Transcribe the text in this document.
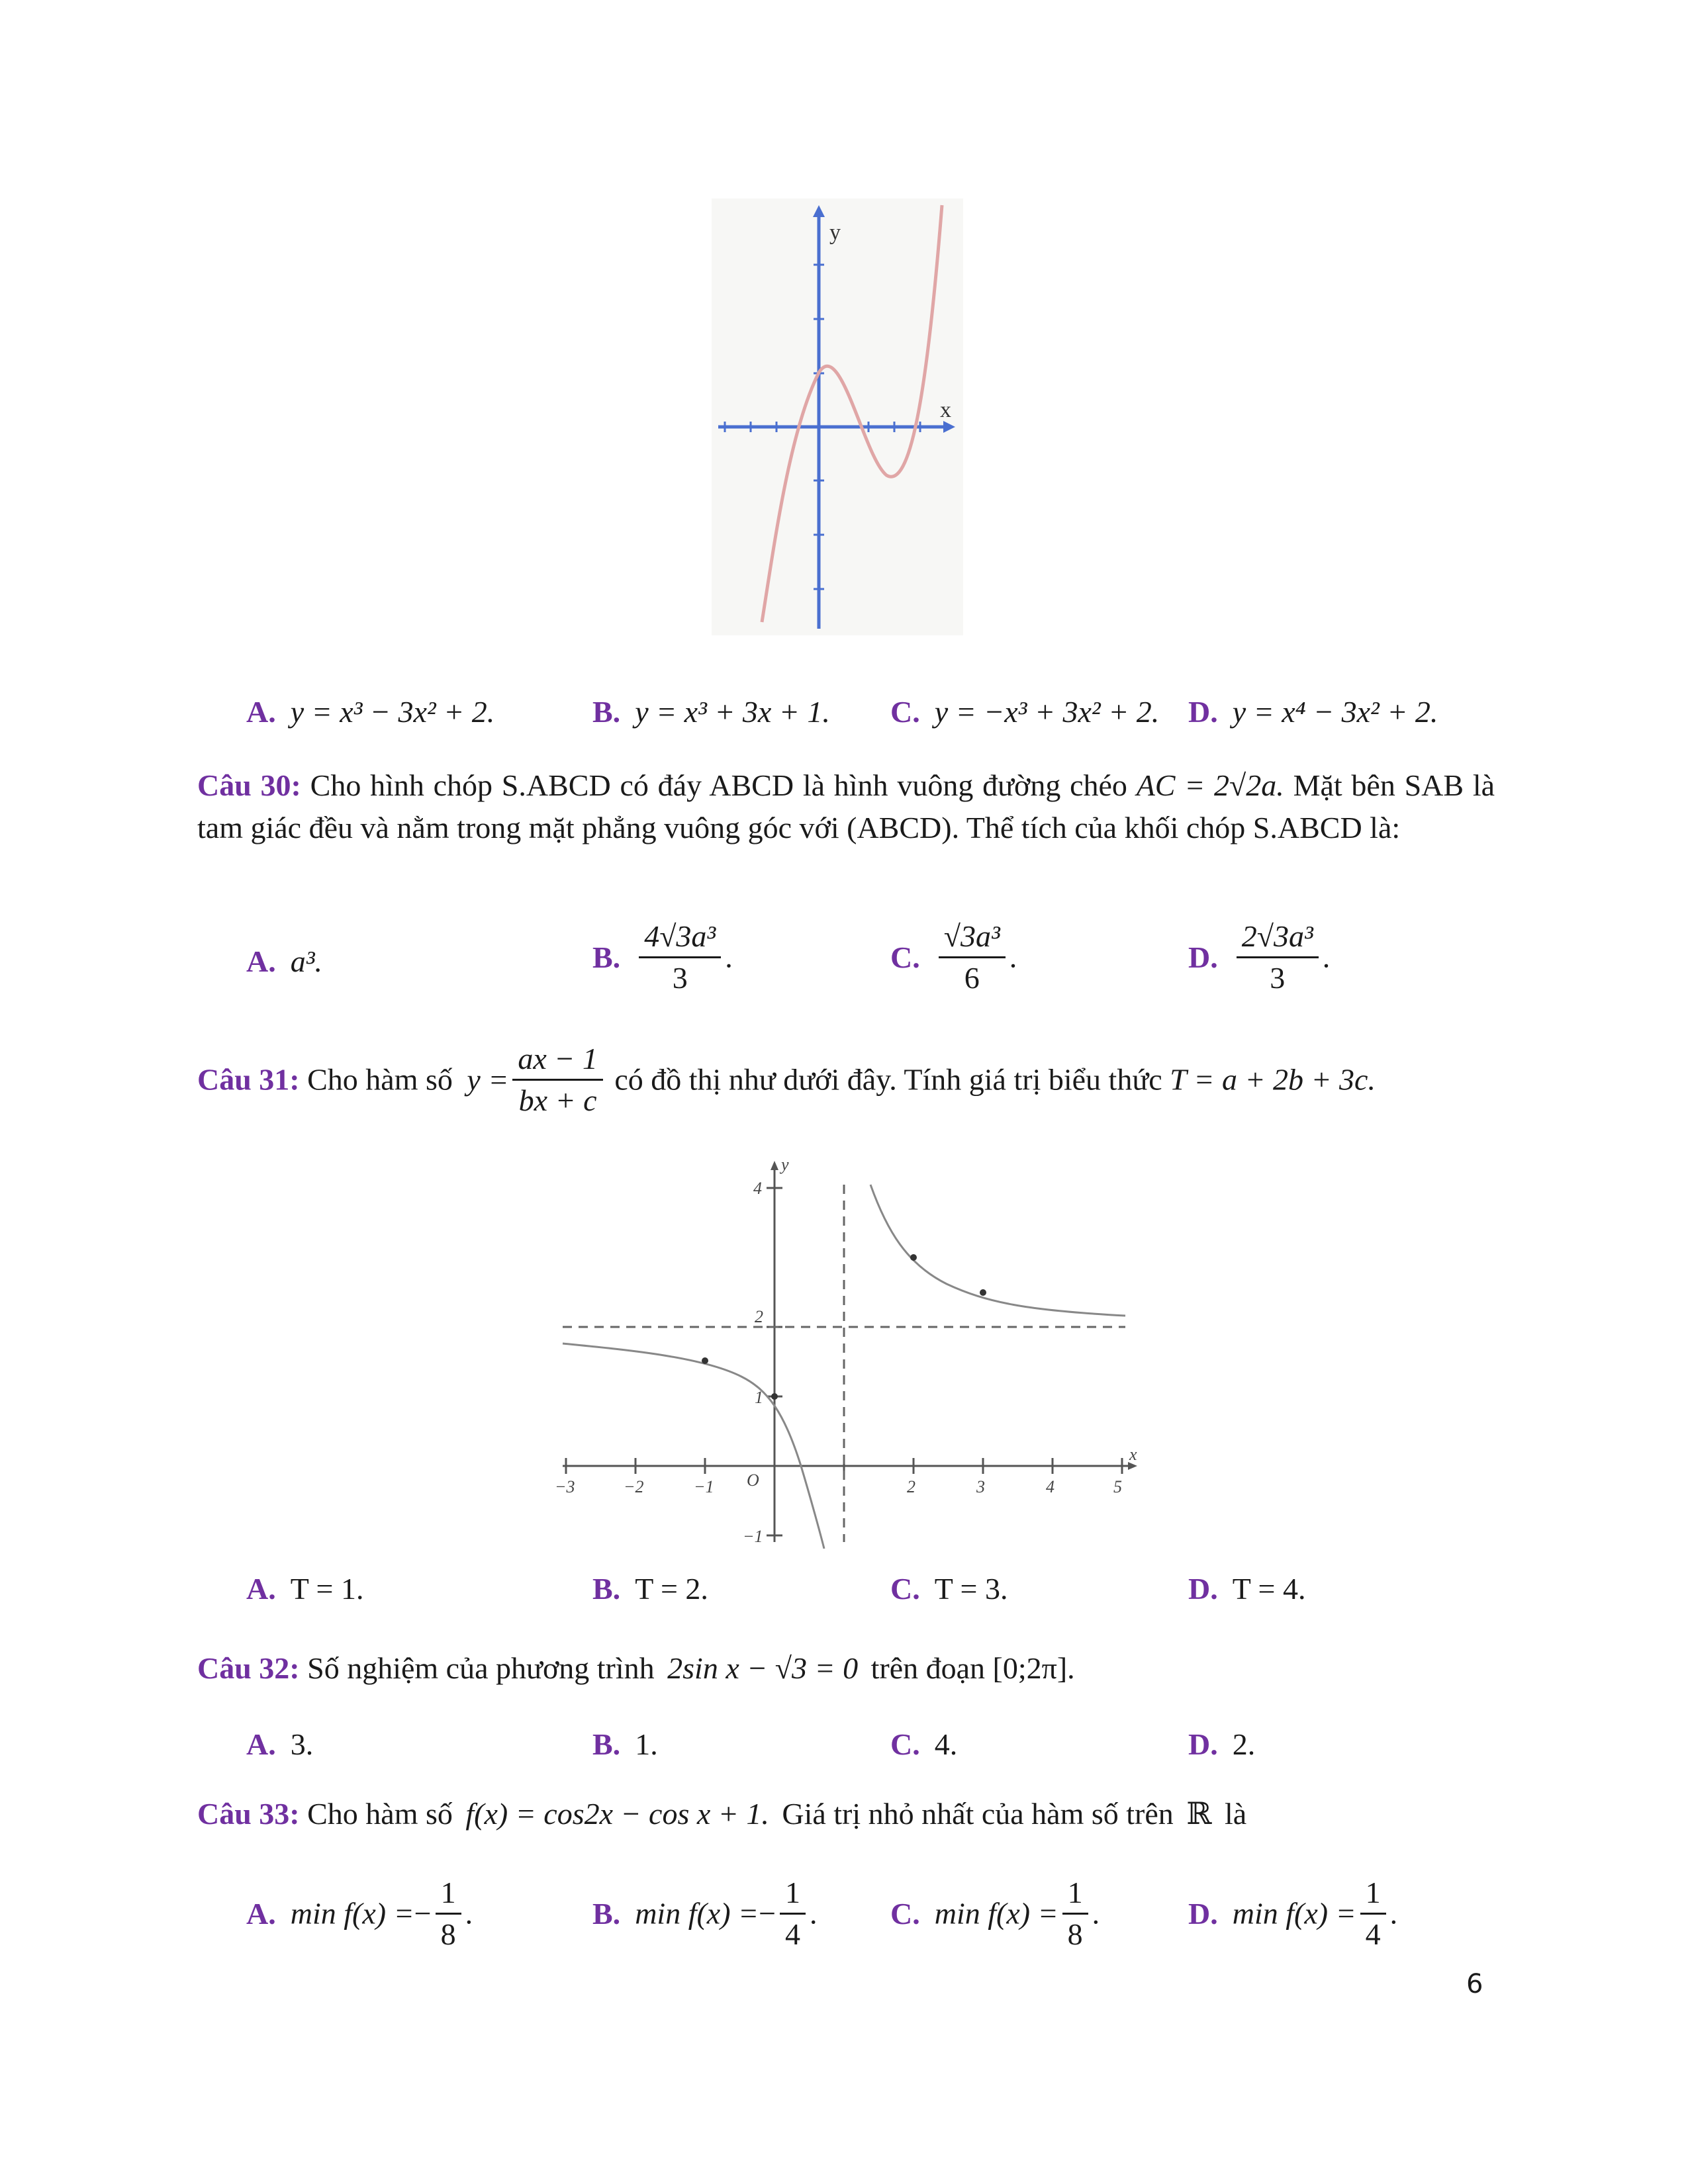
x
y
A. y = x³ − 3x² + 2.	B. y = x³ + 3x + 1. C. y = −x³ + 3x² + 2. D. y = x⁴ − 3x² + 2.
Câu 30: Cho hình chóp S.ABCD có đáy ABCD là hình vuông đường chéo AC = 2√2a. Mặt bên SAB là tam giác đều và nằm trong mặt phẳng vuông góc với (ABCD). Thể tích của khối chóp S.ABCD là:
A. a³.	B. $\frac{\text{4√3a³}}{3}$ .	C. $\frac{\text{√3a³}}{6}$ .	D. $\frac{\text{2√3a³}}{3}$ .
Câu 31: Cho hàm số $y = \frac{ax - 1}{bx + c}$ có đồ thị như dưới đây. Tính giá trị biểu thức T = a + 2b + 3c.
−3	−2	−1	2	3	4	5
4
2
1
−1
O
x
y
A. T = 1.	B. T = 2.	C. T = 3.	D. T = 4.
Câu 32: Số nghiệm của phương trình 2sin x − √3 = 0 trên đoạn [0;2π].
A. 3.	B. 1.	C. 4.	D. 2.
Câu 33: Cho hàm số f(x) = cos2x − cos x + 1. Giá trị nhỏ nhất của hàm số trên ℝ là
A. $\min f(x) =- \frac{1}{8}$ .	B. $\min f(x) =- \frac{1}{4}$ . C. $\min f(x) = \frac{1}{8}$ .	D. $\min f(x) = \frac{1}{4}$ .
6
